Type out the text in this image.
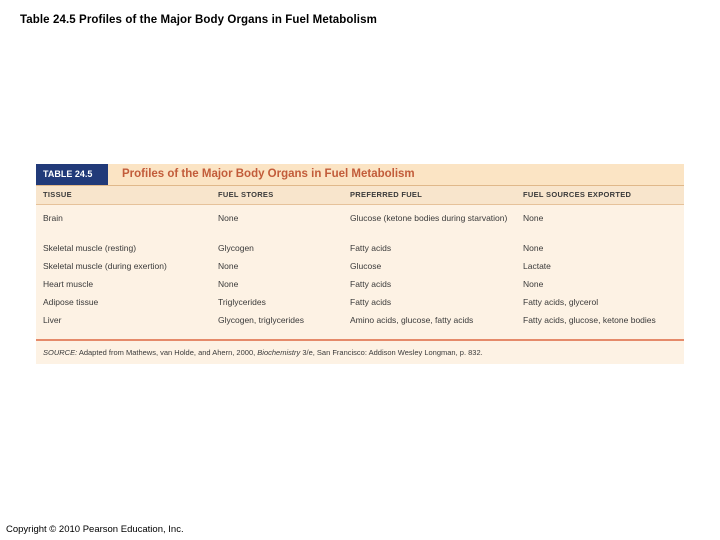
Table 24.5 Profiles of the Major Body Organs in Fuel Metabolism
TABLE 24.5	Profiles of the Major Body Organs in Fuel Metabolism
TISSUE	FUEL STORES	PREFERRED FUEL	FUEL SOURCES EXPORTED
Brain	None	Glucose (ketone bodies during starvation)	None
Skeletal muscle (resting)	Glycogen	Fatty acids	None
Skeletal muscle (during exertion)	None	Glucose	Lactate
Heart muscle	None	Fatty acids	None
Adipose tissue	Triglycerides	Fatty acids	Fatty acids, glycerol
Liver	Glycogen, triglycerides	Amino acids, glucose, fatty acids	Fatty acids, glucose, ketone bodies
SOURCE: Adapted from Mathews, van Holde, and Ahern, 2000, Biochemistry 3/e, San Francisco: Addison Wesley Longman, p. 832.
Copyright © 2010 Pearson Education, Inc.
